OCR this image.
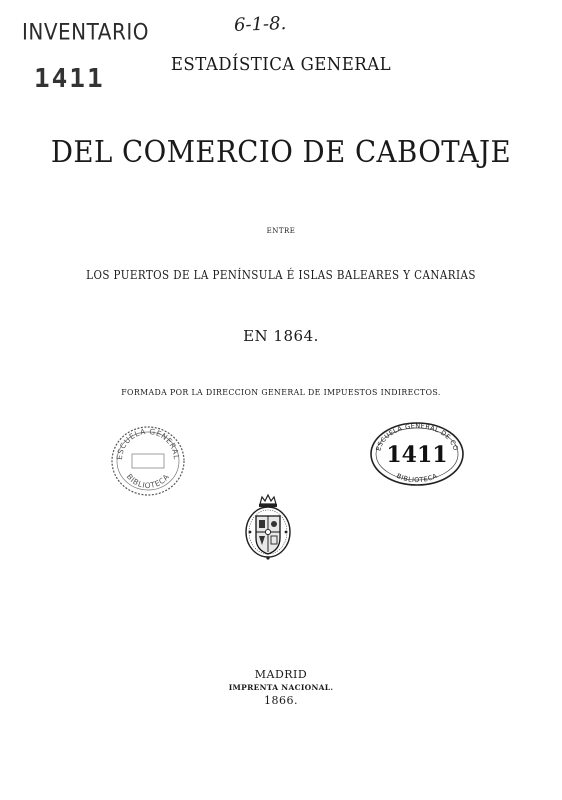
INVENTARIO
1411
6-1-8.
ESTADÍSTICA GENERAL
DEL COMERCIO DE CABOTAJE
ENTRE
LOS PUERTOS DE LA PENÍNSULA É ISLAS BALEARES Y CANARIAS
EN 1864.
FORMADA POR LA DIRECCION GENERAL DE IMPUESTOS INDIRECTOS.
ESCUELA GENERAL
BIBLIOTECA
ESCUELA GENERAL DE CO
1411
BIBLIOTECA
MADRID
IMPRENTA NACIONAL.
1866.
